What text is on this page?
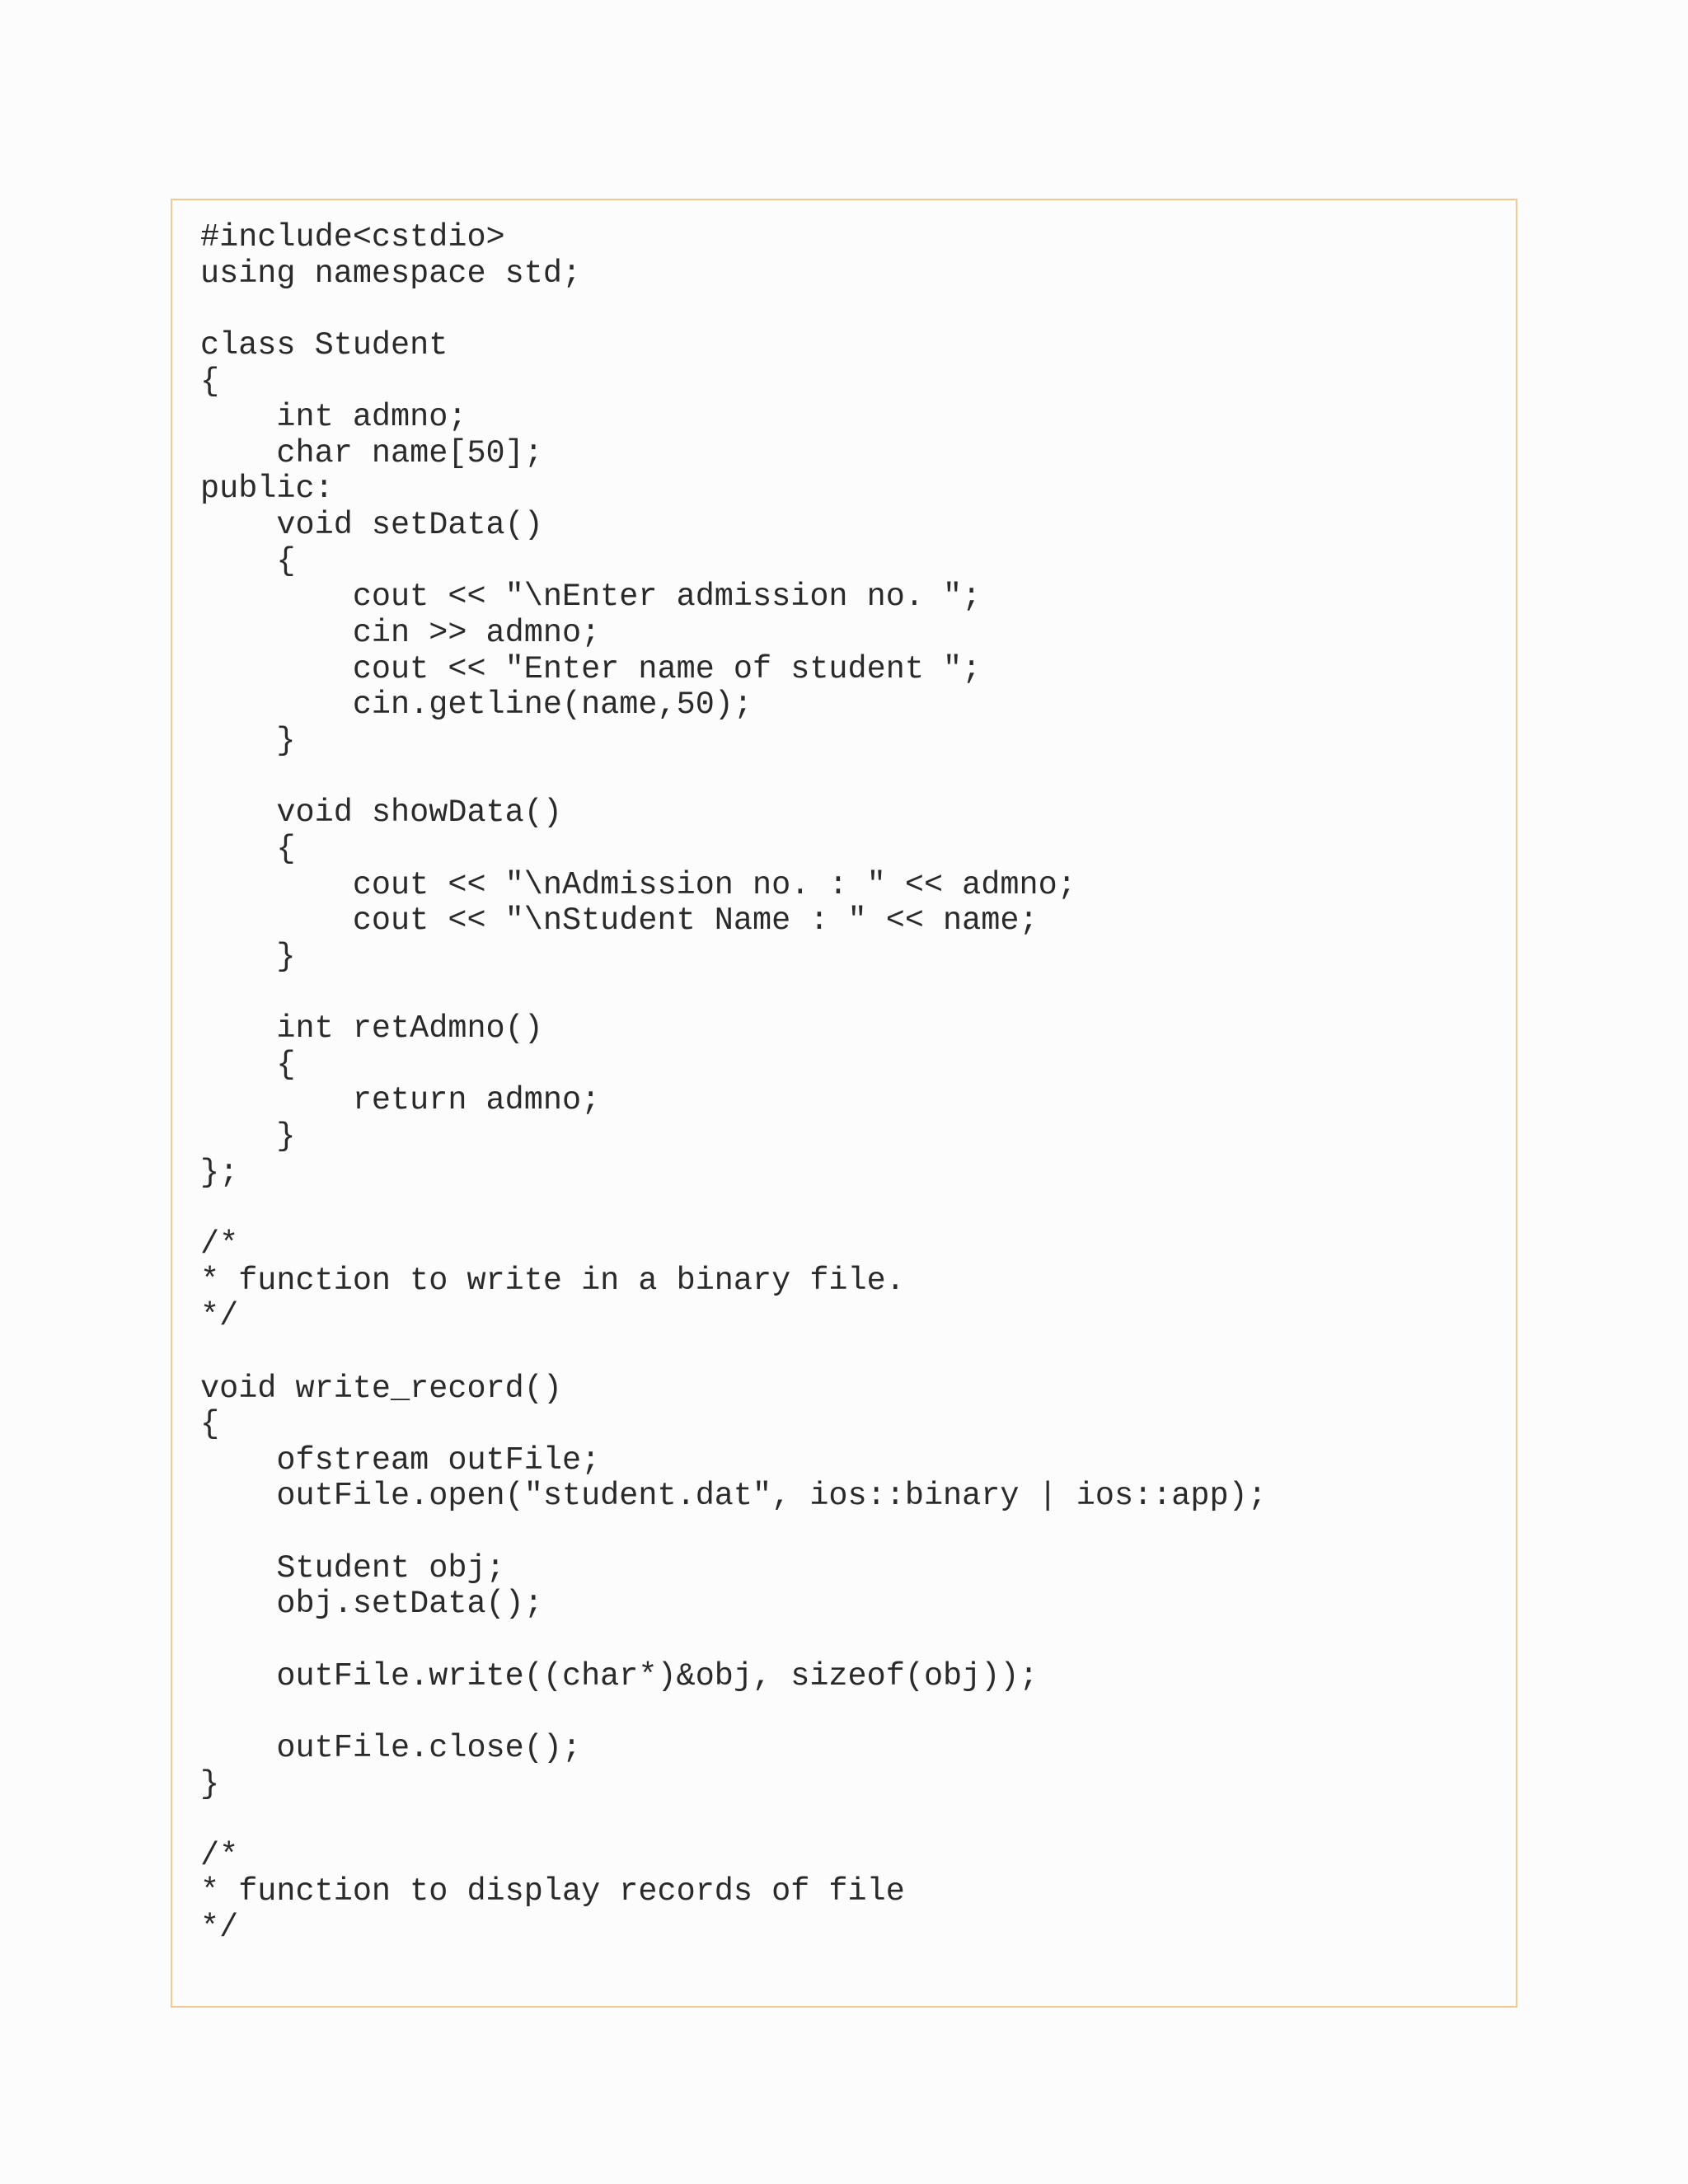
#include<cstdio>
using namespace std;
class Student
{
int admno;
char name[50];
public:
void setData()
{
cout << "\nEnter admission no. ";
cin >> admno;
cout << "Enter name of student ";
cin.getline(name,50);
}
void showData()
{
cout << "\nAdmission no. : " << admno;
cout << "\nStudent Name : " << name;
}
int retAdmno()
{
return admno;
}
};
/*
* function to write in a binary file.
*/
void write_record()
{
ofstream outFile;
outFile.open("student.dat", ios::binary | ios::app);
Student obj;
obj.setData();
outFile.write((char*)&obj, sizeof(obj));
outFile.close();
}
/*
* function to display records of file
*/
